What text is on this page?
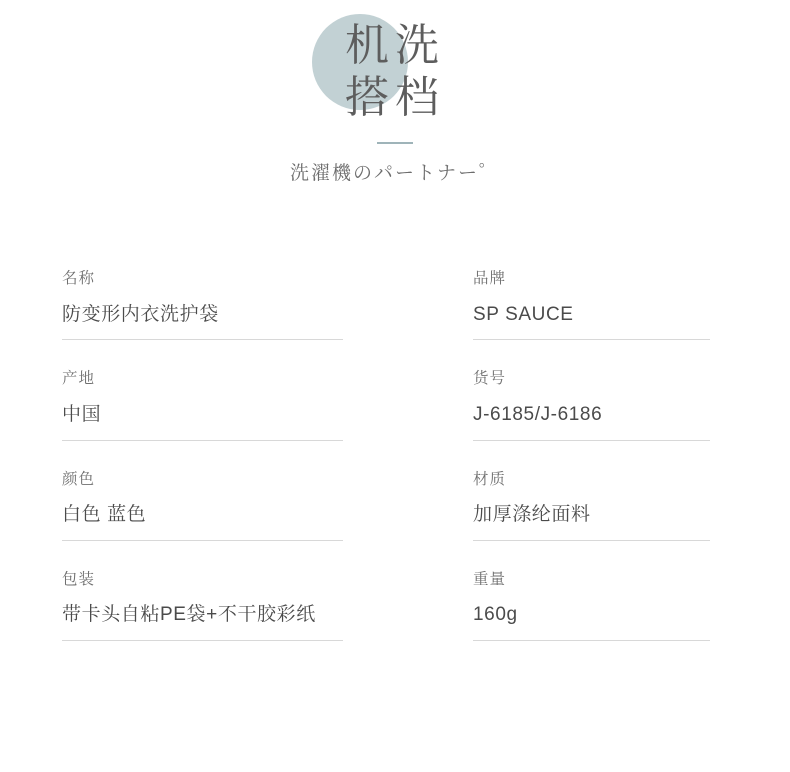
机洗
搭档
洗濯機のパートナー゜
名称
防变形内衣洗护袋
品牌
SP SAUCE
产地
中国
货号
J-6185/J-6186
颜色
白色 蓝色
材质
加厚涤纶面料
包装
带卡头自粘PE袋+不干胶彩纸
重量
160g
